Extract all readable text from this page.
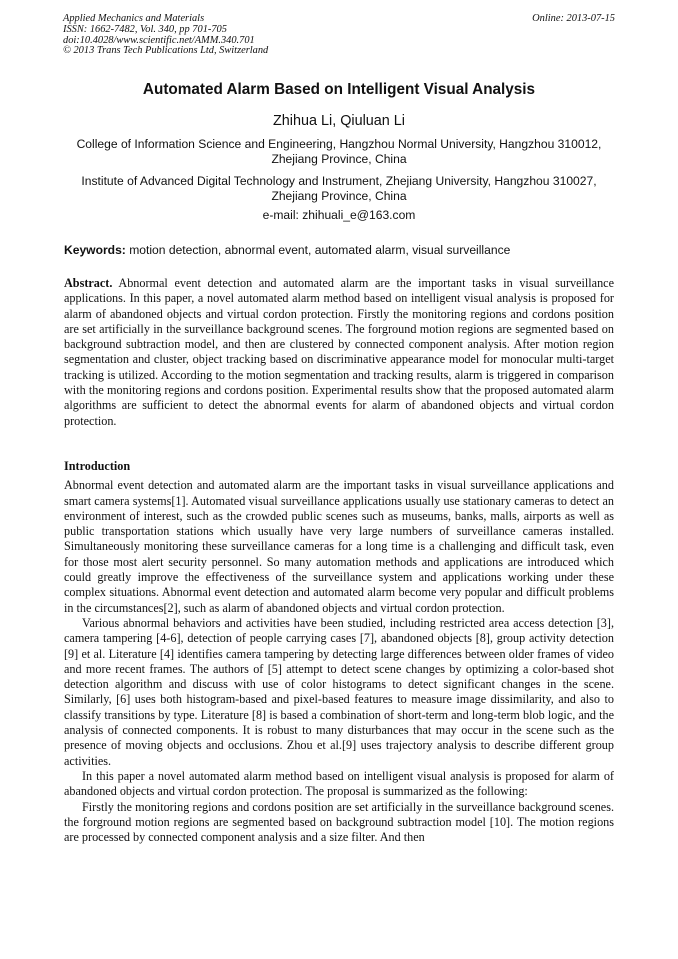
Applied Mechanics and Materials
ISSN: 1662-7482, Vol. 340, pp 701-705
doi:10.4028/www.scientific.net/AMM.340.701
© 2013 Trans Tech Publications Ltd, Switzerland
Online: 2013-07-15
Automated Alarm Based on Intelligent Visual Analysis
Zhihua Li, Qiuluan Li
College of Information Science and Engineering, Hangzhou Normal University, Hangzhou 310012, Zhejiang Province, China
Institute of Advanced Digital Technology and Instrument, Zhejiang University, Hangzhou 310027, Zhejiang Province, China
e-mail: zhihuali_e@163.com
Keywords: motion detection, abnormal event, automated alarm, visual surveillance

Abstract. Abnormal event detection and automated alarm are the important tasks in visual surveillance applications. In this paper, a novel automated alarm method based on intelligent visual analysis is proposed for alarm of abandoned objects and virtual cordon protection. Firstly the monitoring regions and cordons position are set artificially in the surveillance background scenes. The forground motion regions are segmented based on background subtraction model, and then are clustered by connected component analysis. After motion region segmentation and cluster, object tracking based on discriminative appearance model for monocular multi-target tracking is utilized. According to the motion segmentation and tracking results, alarm is triggered in comparison with the monitoring regions and cordons position. Experimental results show that the proposed automated alarm algorithms are sufficient to detect the abnormal events for alarm of abandoned objects and virtual cordon protection.

Introduction

Abnormal event detection and automated alarm are the important tasks in visual surveillance applications and smart camera systems[1]. Automated visual surveillance applications usually use stationary cameras to detect an environment of interest, such as the crowded public scenes such as museums, banks, malls, airports as well as public transportation stations which usually have very large numbers of surveillance cameras installed. Simultaneously monitoring these surveillance cameras for a long time is a challenging and difficult task, even for those most alert security personnel. So many automation methods and applications are introduced which could greatly improve the effectiveness of the surveillance system and applications working under these complex situations. Abnormal event detection and automated alarm become very popular and difficult problems in the circumstances[2], such as alarm of abandoned objects and virtual cordon protection.

Various abnormal behaviors and activities have been studied, including restricted area access detection [3], camera tampering [4-6], detection of people carrying cases [7], abandoned objects [8], group activity detection [9] et al. Literature [4] identifies camera tampering by detecting large differences between older frames of video and more recent frames. The authors of [5] attempt to detect scene changes by optimizing a color-based shot detection algorithm and discuss with use of color histograms to detect significant changes in the scene. Similarly, [6] uses both histogram-based and pixel-based features to measure image dissimilarity, and also to classify transitions by type. Literature [8] is based a combination of short-term and long-term blob logic, and the analysis of connected components. It is robust to many disturbances that may occur in the scene such as the presence of moving objects and occlusions. Zhou et al.[9] uses trajectory analysis to describe different group activities.

In this paper a novel automated alarm method based on intelligent visual analysis is proposed for alarm of abandoned objects and virtual cordon protection. The proposal is summarized as the following:

Firstly the monitoring regions and cordons position are set artificially in the surveillance background scenes. the forground motion regions are segmented based on background subtraction model [10]. The motion regions are processed by connected component analysis and a size filter. And then
